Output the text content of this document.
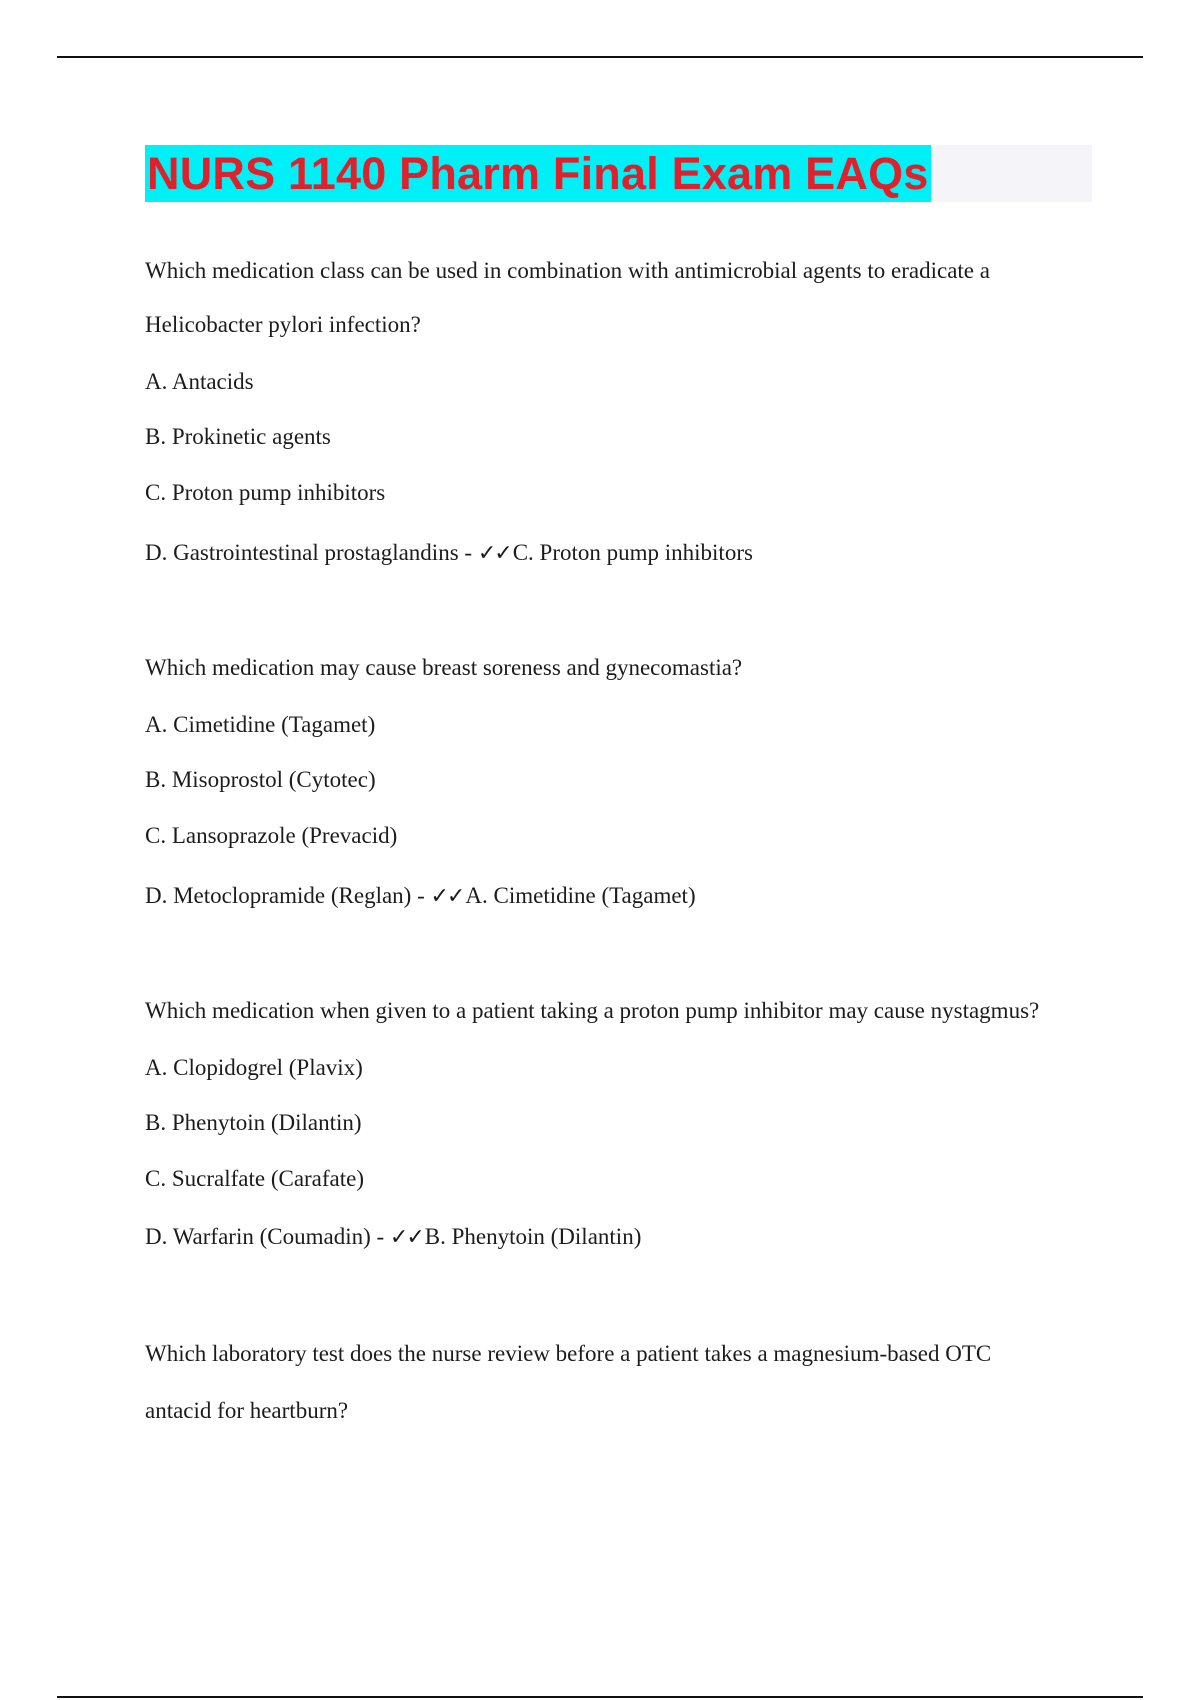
NURS 1140 Pharm Final Exam EAQs
Which medication class can be used in combination with antimicrobial agents to eradicate a
Helicobacter pylori infection?
A. Antacids
B. Prokinetic agents
C. Proton pump inhibitors
D. Gastrointestinal prostaglandins - ✓✓C. Proton pump inhibitors
Which medication may cause breast soreness and gynecomastia?
A. Cimetidine (Tagamet)
B. Misoprostol (Cytotec)
C. Lansoprazole (Prevacid)
D. Metoclopramide (Reglan) - ✓✓A. Cimetidine (Tagamet)
Which medication when given to a patient taking a proton pump inhibitor may cause nystagmus?
A. Clopidogrel (Plavix)
B. Phenytoin (Dilantin)
C. Sucralfate (Carafate)
D. Warfarin (Coumadin) - ✓✓B. Phenytoin (Dilantin)
Which laboratory test does the nurse review before a patient takes a magnesium-based OTC
antacid for heartburn?
